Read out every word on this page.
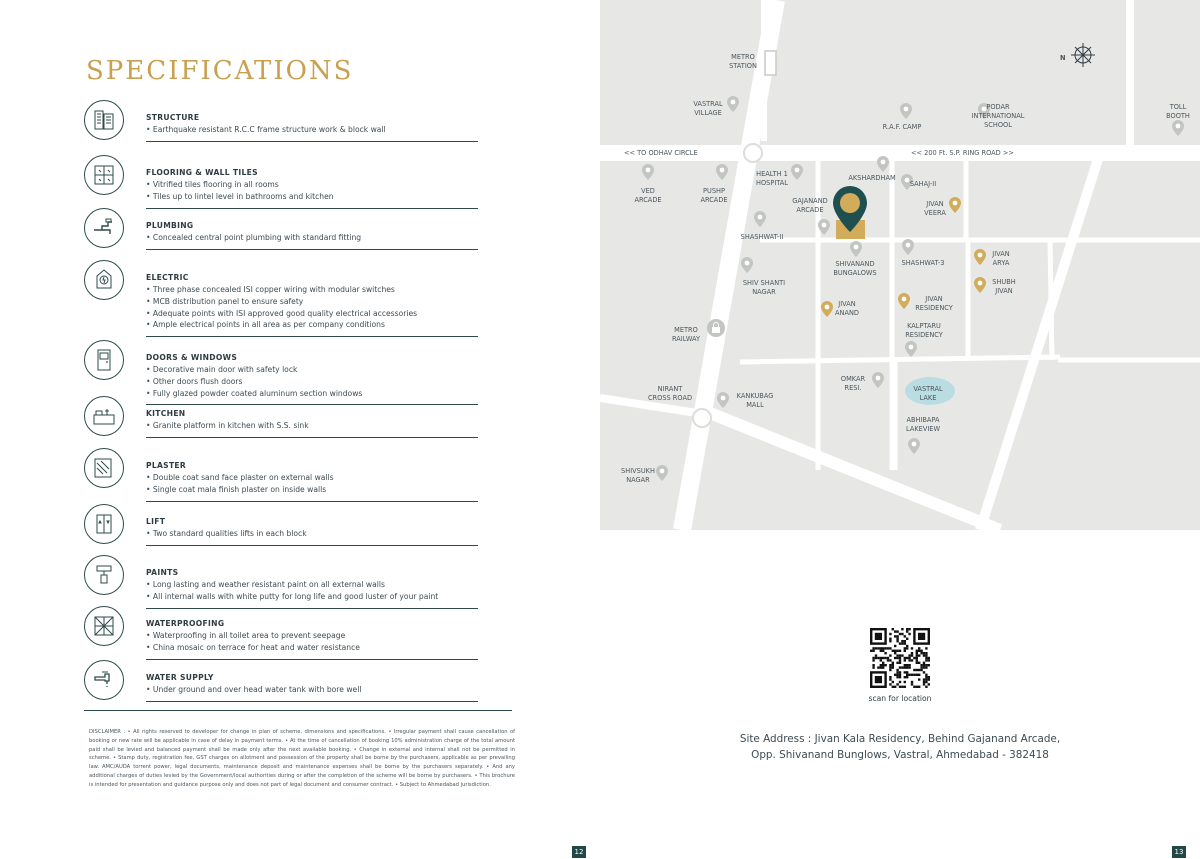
SPECIFICATIONS
STRUCTURE
• Earthquake resistant R.C.C frame structure work & block wall
FLOORING & WALL TILES
• Vitrified tiles flooring in all rooms
• Tiles up to lintel level in bathrooms and kitchen
PLUMBING
• Concealed central point plumbing with standard fitting
ELECTRIC
• Three phase concealed ISI copper wiring with modular switches
• MCB distribution panel to ensure safety
• Adequate points with ISI approved good quality electrical accessories
• Ample electrical points in all area as per company conditions
DOORS & WINDOWS
• Decorative main door with safety lock
• Other doors flush doors
• Fully glazed powder coated aluminum section windows
KITCHEN
• Granite platform in kitchen with S.S. sink
PLASTER
• Double coat sand face plaster on external walls
• Single coat mala finish plaster on inside walls
LIFT
• Two standard qualities lifts in each block
PAINTS
• Long lasting and weather resistant paint on all external walls
• All internal walls with white putty for long life and good luster of your paint
WATERPROOFING
• Waterproofing in all toilet area to prevent seepage
• China mosaic on terrace for heat and water resistance
WATER SUPPLY
• Under ground and over head water tank with bore well
DISCLAIMER : • All rights reserved to developer for change in plan of scheme, dimensions and specifications. • Irregular payment shall cause cancellation of booking or new rate will be applicable in case of delay in payment terms. • At the time of cancellation of booking 10% administration charge of the total amount paid shall be levied and balanced payment shall be made only after the next available booking. • Change in external and internal shall not be permitted in scheme. • Stamp duty, registration fee, GST charges on allotment and possession of the property shall be borne by the purchasers, applicable as per prevailing law. AMC/AUDA torrent power, legal documents, maintenance deposit and maintenance expenses shall be borne by the purchasers separately. • And any additional charges of duties levied by the Government/local authorities during or after the completion of the scheme will be borne by purchasers. • This brochure is intended for presentation and guidance purpose only and does not part of legal document and consumer contract. • Subject to Ahmedabad jurisdiction.
12
METRO
STATION
VASTRAL
VILLAGE
R.A.F. CAMP
PODAR
INTERNATIONAL
SCHOOL
TOLL
BOOTH
VED
ARCADE
PUSHP
ARCADE
HEALTH 1
HOSPITAL
AKSHARDHAM
SAHAJ-II
GAJANAND
ARCADE
JIVAN
VEERA
SHASHWAT-II
SHIVANAND
BUNGALOWS
SHASHWAT-3
JIVAN
ARYA
SHUBH
JIVAN
SHIV SHANTI
NAGAR
JIVAN
ANAND
JIVAN
RESIDENCY
KALPTARU
RESIDENCY
METRO
RAILWAY
NIRANT
CROSS ROAD	KANKUBAG
MALL
OMKAR
RESI.	VASTRAL
LAKE
ABHIBAPA
LAKEVIEW
SHIVSUKH
NAGAR
<< TO ODHAV CIRCLE	<< 200 Ft. S.P. RING ROAD >>
N
scan for location
Site Address : Jivan Kala Residency, Behind Gajanand Arcade,
Opp. Shivanand Bunglows, Vastral, Ahmedabad - 382418
13
